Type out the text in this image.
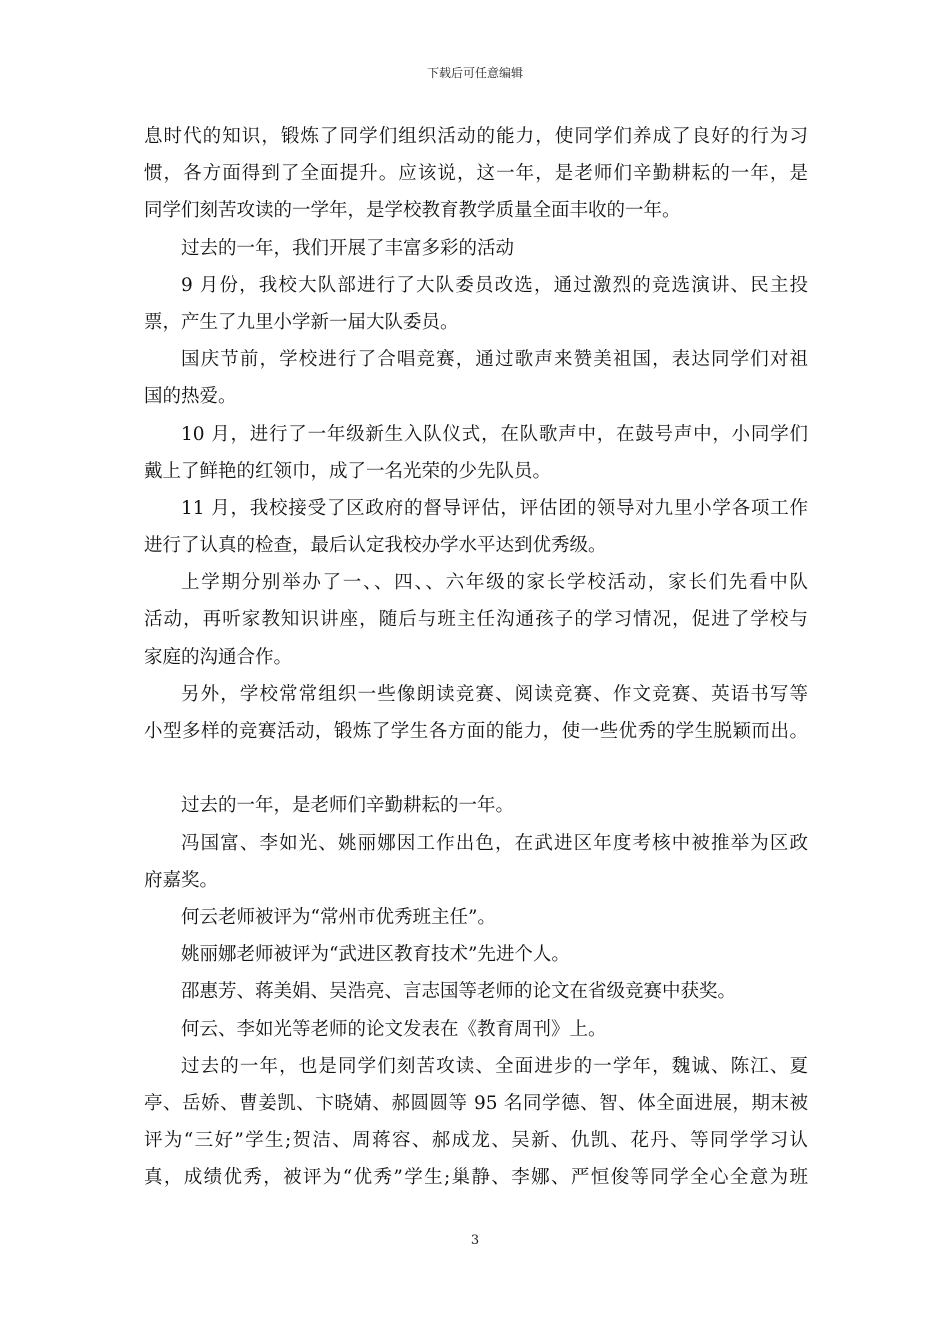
下载后可任意编辑
息时代的知识，锻炼了同学们组织活动的能力，使同学们养成了良好的行为习
惯，各方面得到了全面提升。应该说，这一年，是老师们辛勤耕耘的一年，是
同学们刻苦攻读的一学年，是学校教育教学质量全面丰收的一年。
过去的一年，我们开展了丰富多彩的活动
9 月份，我校大队部进行了大队委员改选，通过激烈的竞选演讲、民主投
票，产生了九里小学新一届大队委员。
国庆节前，学校进行了合唱竞赛，通过歌声来赞美祖国，表达同学们对祖
国的热爱。
10 月，进行了一年级新生入队仪式，在队歌声中，在鼓号声中，小同学们
戴上了鲜艳的红领巾，成了一名光荣的少先队员。
11 月，我校接受了区政府的督导评估，评估团的领导对九里小学各项工作
进行了认真的检查，最后认定我校办学水平达到优秀级。
上学期分别举办了一、、四、、六年级的家长学校活动，家长们先看中队
活动，再听家教知识讲座，随后与班主任沟通孩子的学习情况，促进了学校与
家庭的沟通合作。
另外，学校常常组织一些像朗读竞赛、阅读竞赛、作文竞赛、英语书写等
小型多样的竞赛活动，锻炼了学生各方面的能力，使一些优秀的学生脱颖而出。
过去的一年，是老师们辛勤耕耘的一年。
冯国富、李如光、姚丽娜因工作出色，在武进区年度考核中被推举为区政
府嘉奖。
何云老师被评为“常州市优秀班主任”。
姚丽娜老师被评为“武进区教育技术”先进个人。
邵惠芳、蒋美娟、吴浩亮、言志国等老师的论文在省级竞赛中获奖。
何云、李如光等老师的论文发表在《教育周刊》上。
过去的一年，也是同学们刻苦攻读、全面进步的一学年，魏诚、陈江、夏
亭、岳娇、曹姜凯、卞晓婧、郝圆圆等 95 名同学德、智、体全面进展，期末被
评为“三好”学生;贺洁、周蒋容、郝成龙、吴新、仇凯、花丹、等同学学习认
真，成绩优秀，被评为“优秀”学生;巢静、李娜、严恒俊等同学全心全意为班
3
